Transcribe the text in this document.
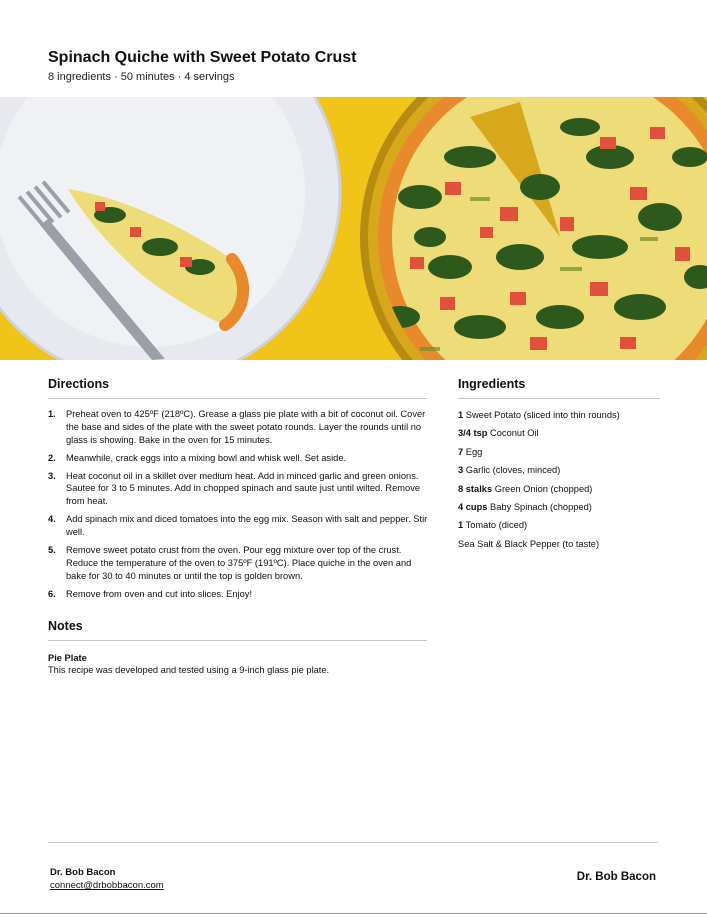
Spinach Quiche with Sweet Potato Crust
8 ingredients · 50 minutes · 4 servings
Directions
1. Preheat oven to 425ºF (218ºC). Grease a glass pie plate with a bit of coconut oil. Cover the base and sides of the plate with the sweet potato rounds. Layer the rounds until no glass is showing. Bake in the oven for 15 minutes.
2. Meanwhile, crack eggs into a mixing bowl and whisk well. Set aside.
3. Heat coconut oil in a skillet over medium heat. Add in minced garlic and green onions. Sautee for 3 to 5 minutes. Add in chopped spinach and saute just until wilted. Remove from heat.
4. Add spinach mix and diced tomatoes into the egg mix. Season with salt and pepper. Stir well.
5. Remove sweet potato crust from the oven. Pour egg mixture over top of the crust. Reduce the temperature of the oven to 375ºF (191ºC). Place quiche in the oven and bake for 30 to 40 minutes or until the top is golden brown.
6. Remove from oven and cut into slices. Enjoy!
Ingredients
1 Sweet Potato (sliced into thin rounds)
3/4 tsp Coconut Oil
7 Egg
3 Garlic (cloves, minced)
8 stalks Green Onion (chopped)
4 cups Baby Spinach (chopped)
1 Tomato (diced)
Sea Salt & Black Pepper (to taste)
Notes
Pie Plate
This recipe was developed and tested using a 9-inch glass pie plate.
Dr. Bob Bacon
connect@drbobbacon.com
Dr. Bob Bacon
